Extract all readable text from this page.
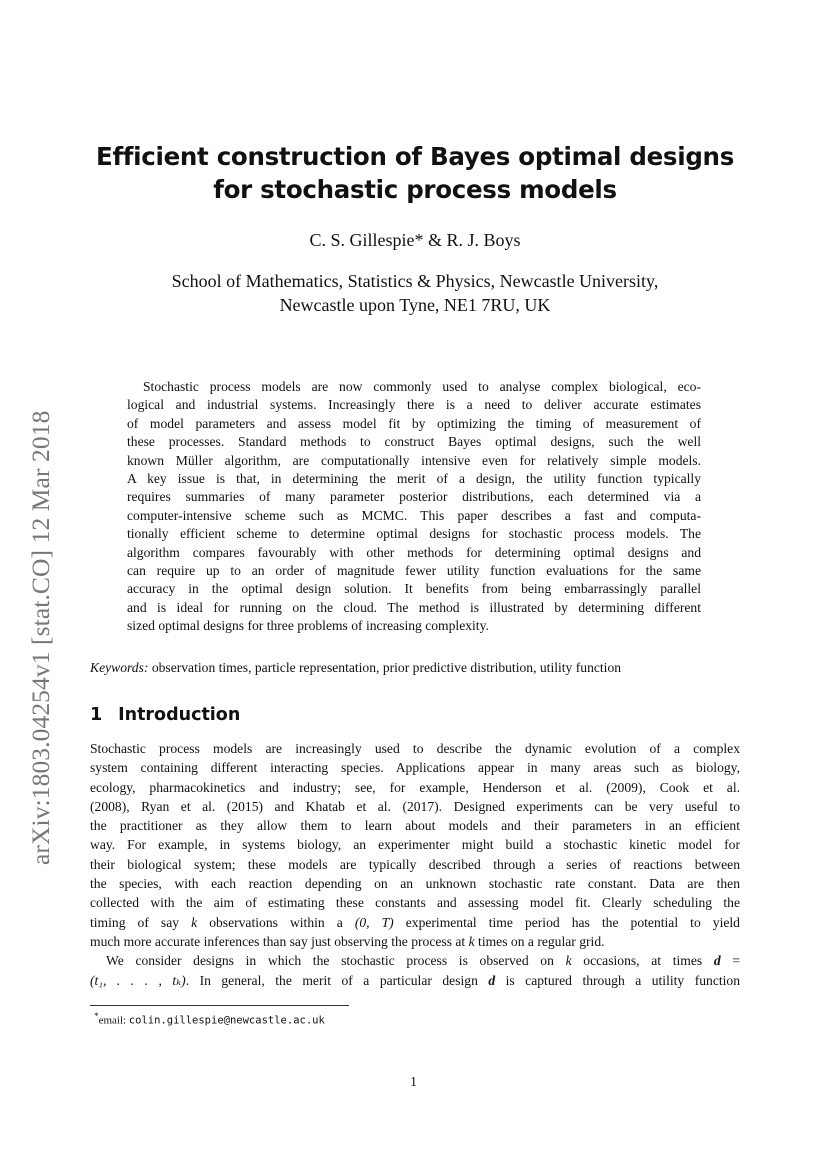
arXiv:1803.04254v1 [stat.CO] 12 Mar 2018
Efficient construction of Bayes optimal designs
for stochastic process models
C. S. Gillespie* & R. J. Boys
School of Mathematics, Statistics & Physics, Newcastle University,
Newcastle upon Tyne, NE1 7RU, UK
Stochastic process models are now commonly used to analyse complex biological, eco-
logical and industrial systems. Increasingly there is a need to deliver accurate estimates
of model parameters and assess model fit by optimizing the timing of measurement of
these processes. Standard methods to construct Bayes optimal designs, such the well
known Müller algorithm, are computationally intensive even for relatively simple models.
A key issue is that, in determining the merit of a design, the utility function typically
requires summaries of many parameter posterior distributions, each determined via a
computer-intensive scheme such as MCMC. This paper describes a fast and computa-
tionally efficient scheme to determine optimal designs for stochastic process models. The
algorithm compares favourably with other methods for determining optimal designs and
can require up to an order of magnitude fewer utility function evaluations for the same
accuracy in the optimal design solution. It benefits from being embarrassingly parallel
and is ideal for running on the cloud. The method is illustrated by determining different
sized optimal designs for three problems of increasing complexity.
Keywords: observation times, particle representation, prior predictive distribution, utility function
1 Introduction
Stochastic process models are increasingly used to describe the dynamic evolution of a complex
system containing different interacting species. Applications appear in many areas such as biology,
ecology, pharmacokinetics and industry; see, for example, Henderson et al. (2009), Cook et al.
(2008), Ryan et al. (2015) and Khatab et al. (2017). Designed experiments can be very useful to
the practitioner as they allow them to learn about models and their parameters in an efficient
way. For example, in systems biology, an experimenter might build a stochastic kinetic model for
their biological system; these models are typically described through a series of reactions between
the species, with each reaction depending on an unknown stochastic rate constant. Data are then
collected with the aim of estimating these constants and assessing model fit. Clearly scheduling the
timing of say k observations within a (0, T) experimental time period has the potential to yield
much more accurate inferences than say just observing the process at k times on a regular grid.
We consider designs in which the stochastic process is observed on k occasions, at times d =
(t₁, . . . , tₖ). In general, the merit of a particular design d is captured through a utility function
*email: colin.gillespie@newcastle.ac.uk
1
